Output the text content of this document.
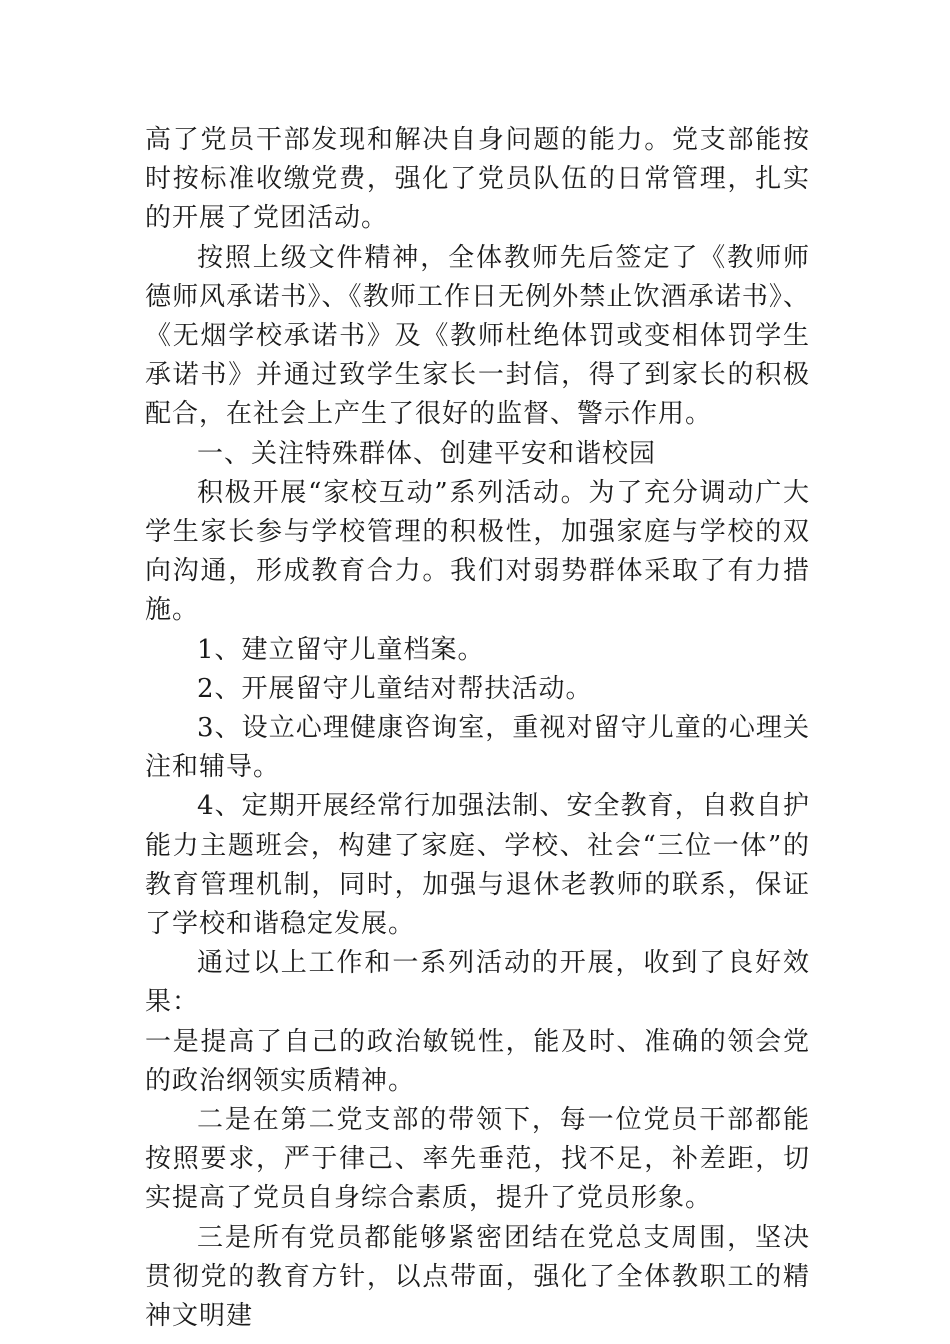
高了党员干部发现和解决自身问题的能力。党支部能按时按标准收缴党费，强化了党员队伍的日常管理，扎实的开展了党团活动。

按照上级文件精神，全体教师先后签定了《教师师德师风承诺书》、《教师工作日无例外禁止饮酒承诺书》、《无烟学校承诺书》及《教师杜绝体罚或变相体罚学生承诺书》并通过致学生家长一封信，得了到家长的积极配合，在社会上产生了很好的监督、警示作用。

一、关注特殊群体、创建平安和谐校园

积极开展“家校互动”系列活动。为了充分调动广大学生家长参与学校管理的积极性，加强家庭与学校的双向沟通，形成教育合力。我们对弱势群体采取了有力措施。

1、建立留守儿童档案。

2、开展留守儿童结对帮扶活动。

3、设立心理健康咨询室，重视对留守儿童的心理关注和辅导。

4、定期开展经常行加强法制、安全教育，自救自护能力主题班会，构建了家庭、学校、社会“三位一体”的教育管理机制，同时，加强与退休老教师的联系，保证了学校和谐稳定发展。

通过以上工作和一系列活动的开展，收到了良好效果：

一是提高了自己的政治敏锐性，能及时、准确的领会党的政治纲领实质精神。

二是在第二党支部的带领下，每一位党员干部都能按照要求，严于律己、率先垂范，找不足，补差距，切实提高了党员自身综合素质，提升了党员形象。

三是所有党员都能够紧密团结在党总支周围，坚决贯彻党的教育方针，以点带面，强化了全体教职工的精神文明建
